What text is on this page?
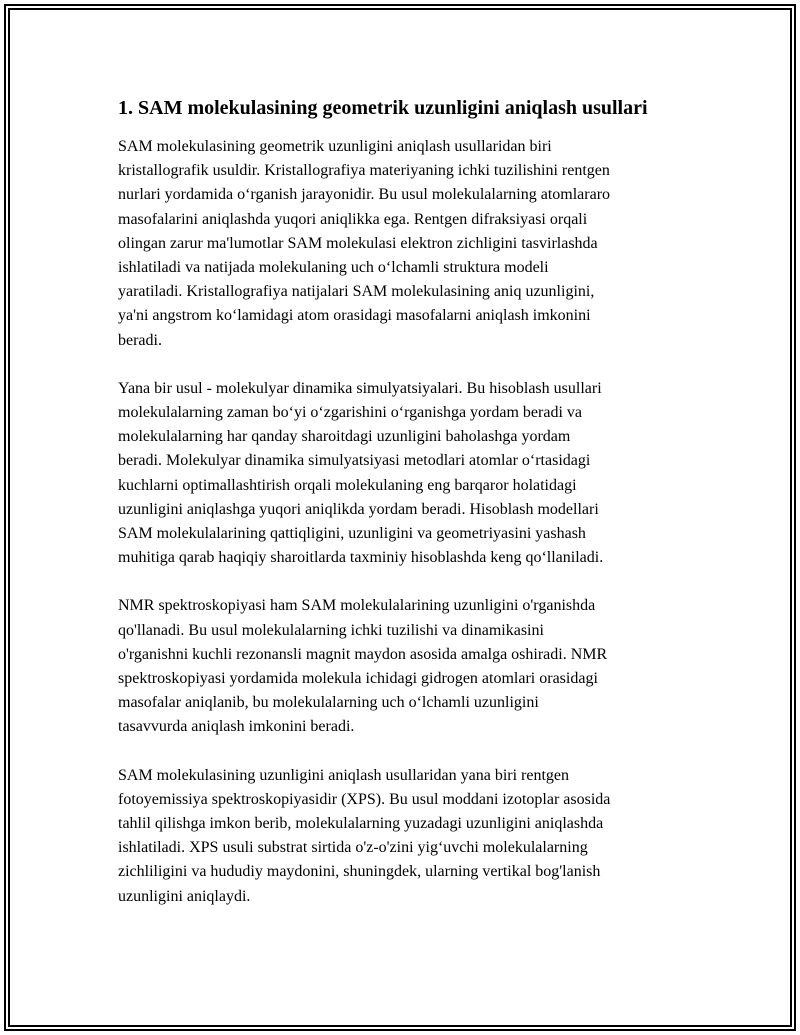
1. SAM molekulasining geometrik uzunligini aniqlash usullari

SAM molekulasining geometrik uzunligini aniqlash usullaridan biri
kristallografik usuldir. Kristallografiya materiyaning ichki tuzilishini rentgen
nurlari yordamida oʻrganish jarayonidir. Bu usul molekulalarning atomlararo
masofalarini aniqlashda yuqori aniqlikka ega. Rentgen difraksiyasi orqali
olingan zarur ma'lumotlar SAM molekulasi elektron zichligini tasvirlashda
ishlatiladi va natijada molekulaning uch oʻlchamli struktura modeli
yaratiladi. Kristallografiya natijalari SAM molekulasining aniq uzunligini,
ya'ni angstrom koʻlamidagi atom orasidagi masofalarni aniqlash imkonini
beradi.

Yana bir usul - molekulyar dinamika simulyatsiyalari. Bu hisoblash usullari
molekulalarning zaman boʻyi oʻzgarishini oʻrganishga yordam beradi va
molekulalarning har qanday sharoitdagi uzunligini baholashga yordam
beradi. Molekulyar dinamika simulyatsiyasi metodlari atomlar oʻrtasidagi
kuchlarni optimallashtirish orqali molekulaning eng barqaror holatidagi
uzunligini aniqlashga yuqori aniqlikda yordam beradi. Hisoblash modellari
SAM molekulalarining qattiqligini, uzunligini va geometriyasini yashash
muhitiga qarab haqiqiy sharoitlarda taxminiy hisoblashda keng qoʻllaniladi.

NMR spektroskopiyasi ham SAM molekulalarining uzunligini o'rganishda
qo'llanadi. Bu usul molekulalarning ichki tuzilishi va dinamikasini
o'rganishni kuchli rezonansli magnit maydon asosida amalga oshiradi. NMR
spektroskopiyasi yordamida molekula ichidagi gidrogen atomlari orasidagi
masofalar aniqlanib, bu molekulalarning uch oʻlchamli uzunligini
tasavvurda aniqlash imkonini beradi.

SAM molekulasining uzunligini aniqlash usullaridan yana biri rentgen
fotoyemissiya spektroskopiyasidir (XPS). Bu usul moddani izotoplar asosida
tahlil qilishga imkon berib, molekulalarning yuzadagi uzunligini aniqlashda
ishlatiladi. XPS usuli substrat sirtida o'z-o'zini yigʻuvchi molekulalarning
zichliligini va hududiy maydonini, shuningdek, ularning vertikal bog'lanish
uzunligini aniqlaydi.
